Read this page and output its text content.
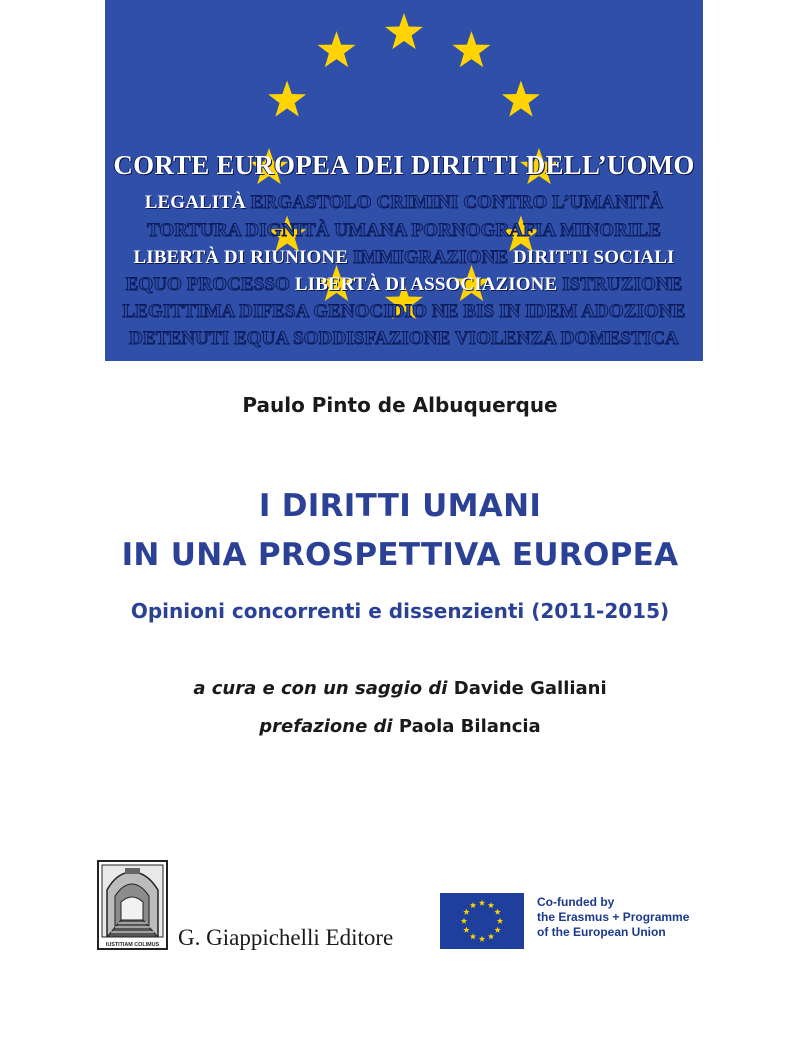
CORTE EUROPEA DEI DIRITTI DELL’UOMO
LEGALITÀ ERGASTOLO CRIMINI CONTRO L’UMANITÀ
TORTURA DIGNITÀ UMANA PORNOGRAFIA MINORILE
LIBERTÀ DI RIUNIONE IMMIGRAZIONE DIRITTI SOCIALI
EQUO PROCESSO LIBERTÀ DI ASSOCIAZIONE ISTRUZIONE
LEGITTIMA DIFESA GENOCIDIO NE BIS IN IDEM ADOZIONE
DETENUTI EQUA SODDISFAZIONE VIOLENZA DOMESTICA
Paulo Pinto de Albuquerque
I DIRITTI UMANI
IN UNA PROSPETTIVA EUROPEA
Opinioni concorrenti e dissenzienti (2011-2015)
a cura e con un saggio di Davide Galliani
prefazione di Paola Bilancia
IUSTITIAM COLIMUS G. Giappichelli Editore
Co-funded by
the Erasmus + Programme
of the European Union
